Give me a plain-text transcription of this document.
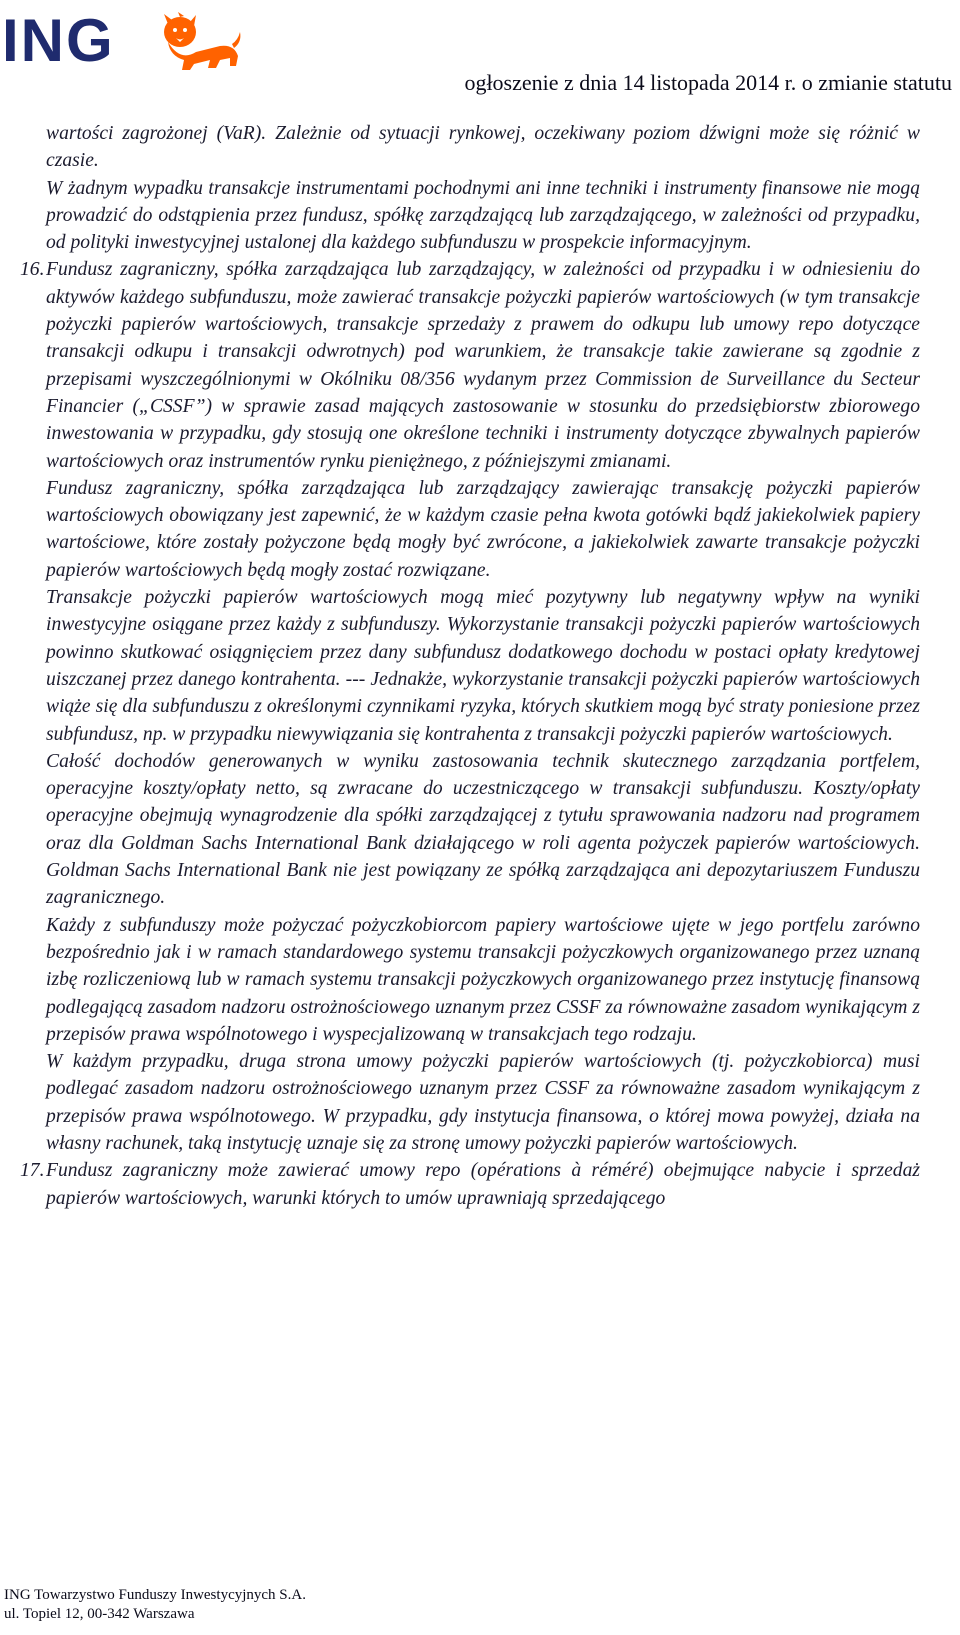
ING
ogłoszenie z dnia 14 listopada 2014 r. o zmianie statutu

wartości zagrożonej (VaR). Zależnie od sytuacji rynkowej, oczekiwany poziom dźwigni może się różnić w czasie.

W żadnym wypadku transakcje instrumentami pochodnymi ani inne techniki i instrumenty finansowe nie mogą prowadzić do odstąpienia przez fundusz, spółkę zarządzającą lub zarządzającego, w zależności od przypadku, od polityki inwestycyjnej ustalonej dla każdego subfunduszu w prospekcie informacyjnym.

16. Fundusz zagraniczny, spółka zarządzająca lub zarządzający, w zależności od przypadku i w odniesieniu do aktywów każdego subfunduszu, może zawierać transakcje pożyczki papierów wartościowych (w tym transakcje pożyczki papierów wartościowych, transakcje sprzedaży z prawem do odkupu lub umowy repo dotyczące transakcji odkupu i transakcji odwrotnych) pod warunkiem, że transakcje takie zawierane są zgodnie z przepisami wyszczególnionymi w Okólniku 08/356 wydanym przez Commission de Surveillance du Secteur Financier („CSSF”) w sprawie zasad mających zastosowanie w stosunku do przedsiębiorstw zbiorowego inwestowania w przypadku, gdy stosują one określone techniki i instrumenty dotyczące zbywalnych papierów wartościowych oraz instrumentów rynku pieniężnego, z późniejszymi zmianami.

Fundusz zagraniczny, spółka zarządzająca lub zarządzający zawierając transakcję pożyczki papierów wartościowych obowiązany jest zapewnić, że w każdym czasie pełna kwota gotówki bądź jakiekolwiek papiery wartościowe, które zostały pożyczone będą mogły być zwrócone, a jakiekolwiek zawarte transakcje pożyczki papierów wartościowych będą mogły zostać rozwiązane.

Transakcje pożyczki papierów wartościowych mogą mieć pozytywny lub negatywny wpływ na wyniki inwestycyjne osiągane przez każdy z subfunduszy. Wykorzystanie transakcji pożyczki papierów wartościowych powinno skutkować osiągnięciem przez dany subfundusz dodatkowego dochodu w postaci opłaty kredytowej uiszczanej przez danego kontrahenta. --- Jednakże, wykorzystanie transakcji pożyczki papierów wartościowych wiąże się dla subfunduszu z określonymi czynnikami ryzyka, których skutkiem mogą być straty poniesione przez subfundusz, np. w przypadku niewywiązania się kontrahenta z transakcji pożyczki papierów wartościowych.

Całość dochodów generowanych w wyniku zastosowania technik skutecznego zarządzania portfelem, operacyjne koszty/opłaty netto, są zwracane do uczestniczącego w transakcji subfunduszu. Koszty/opłaty operacyjne obejmują wynagrodzenie dla spółki zarządzającej z tytułu sprawowania nadzoru nad programem oraz dla Goldman Sachs International Bank działającego w roli agenta pożyczek papierów wartościowych. Goldman Sachs International Bank nie jest powiązany ze spółką zarządzająca ani depozytariuszem Funduszu zagranicznego.

Każdy z subfunduszy może pożyczać pożyczkobiorcom papiery wartościowe ujęte w jego portfelu zarówno bezpośrednio jak i w ramach standardowego systemu transakcji pożyczkowych organizowanego przez uznaną izbę rozliczeniową lub w ramach systemu transakcji pożyczkowych organizowanego przez instytucję finansową podlegającą zasadom nadzoru ostrożnościowego uznanym przez CSSF za równoważne zasadom wynikającym z przepisów prawa wspólnotowego i wyspecjalizowaną w transakcjach tego rodzaju.

W każdym przypadku, druga strona umowy pożyczki papierów wartościowych (tj. pożyczkobiorca) musi podlegać zasadom nadzoru ostrożnościowego uznanym przez CSSF za równoważne zasadom wynikającym z przepisów prawa wspólnotowego. W przypadku, gdy instytucja finansowa, o której mowa powyżej, działa na własny rachunek, taką instytucję uznaje się za stronę umowy pożyczki papierów wartościowych.

17. Fundusz zagraniczny może zawierać umowy repo (opérations à réméré) obejmujące nabycie i sprzedaż papierów wartościowych, warunki których to umów uprawniają sprzedającego
ING Towarzystwo Funduszy Inwestycyjnych S.A.
ul. Topiel 12, 00-342 Warszawa
